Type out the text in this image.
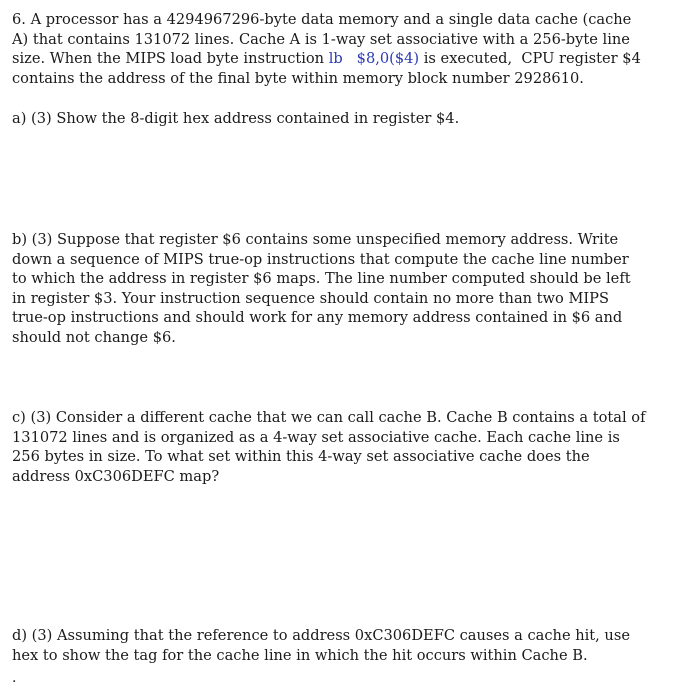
6. A processor has a 4294967296-byte data memory and a single data cache (cache
A) that contains 131072 lines. Cache A is 1-way set associative with a 256-byte line
size. When the MIPS load byte instruction lb   $8,0($4) is executed,  CPU register $4
contains the address of the final byte within memory block number 2928610.
a) (3) Show the 8-digit hex address contained in register $4.
b) (3) Suppose that register $6 contains some unspecified memory address. Write
down a sequence of MIPS true-op instructions that compute the cache line number
to which the address in register $6 maps. The line number computed should be left
in register $3. Your instruction sequence should contain no more than two MIPS
true-op instructions and should work for any memory address contained in $6 and
should not change $6.
c) (3) Consider a different cache that we can call cache B. Cache B contains a total of
131072 lines and is organized as a 4-way set associative cache. Each cache line is
256 bytes in size. To what set within this 4-way set associative cache does the
address 0xC306DEFC map?
d) (3) Assuming that the reference to address 0xC306DEFC causes a cache hit, use
hex to show the tag for the cache line in which the hit occurs within Cache B.
.
